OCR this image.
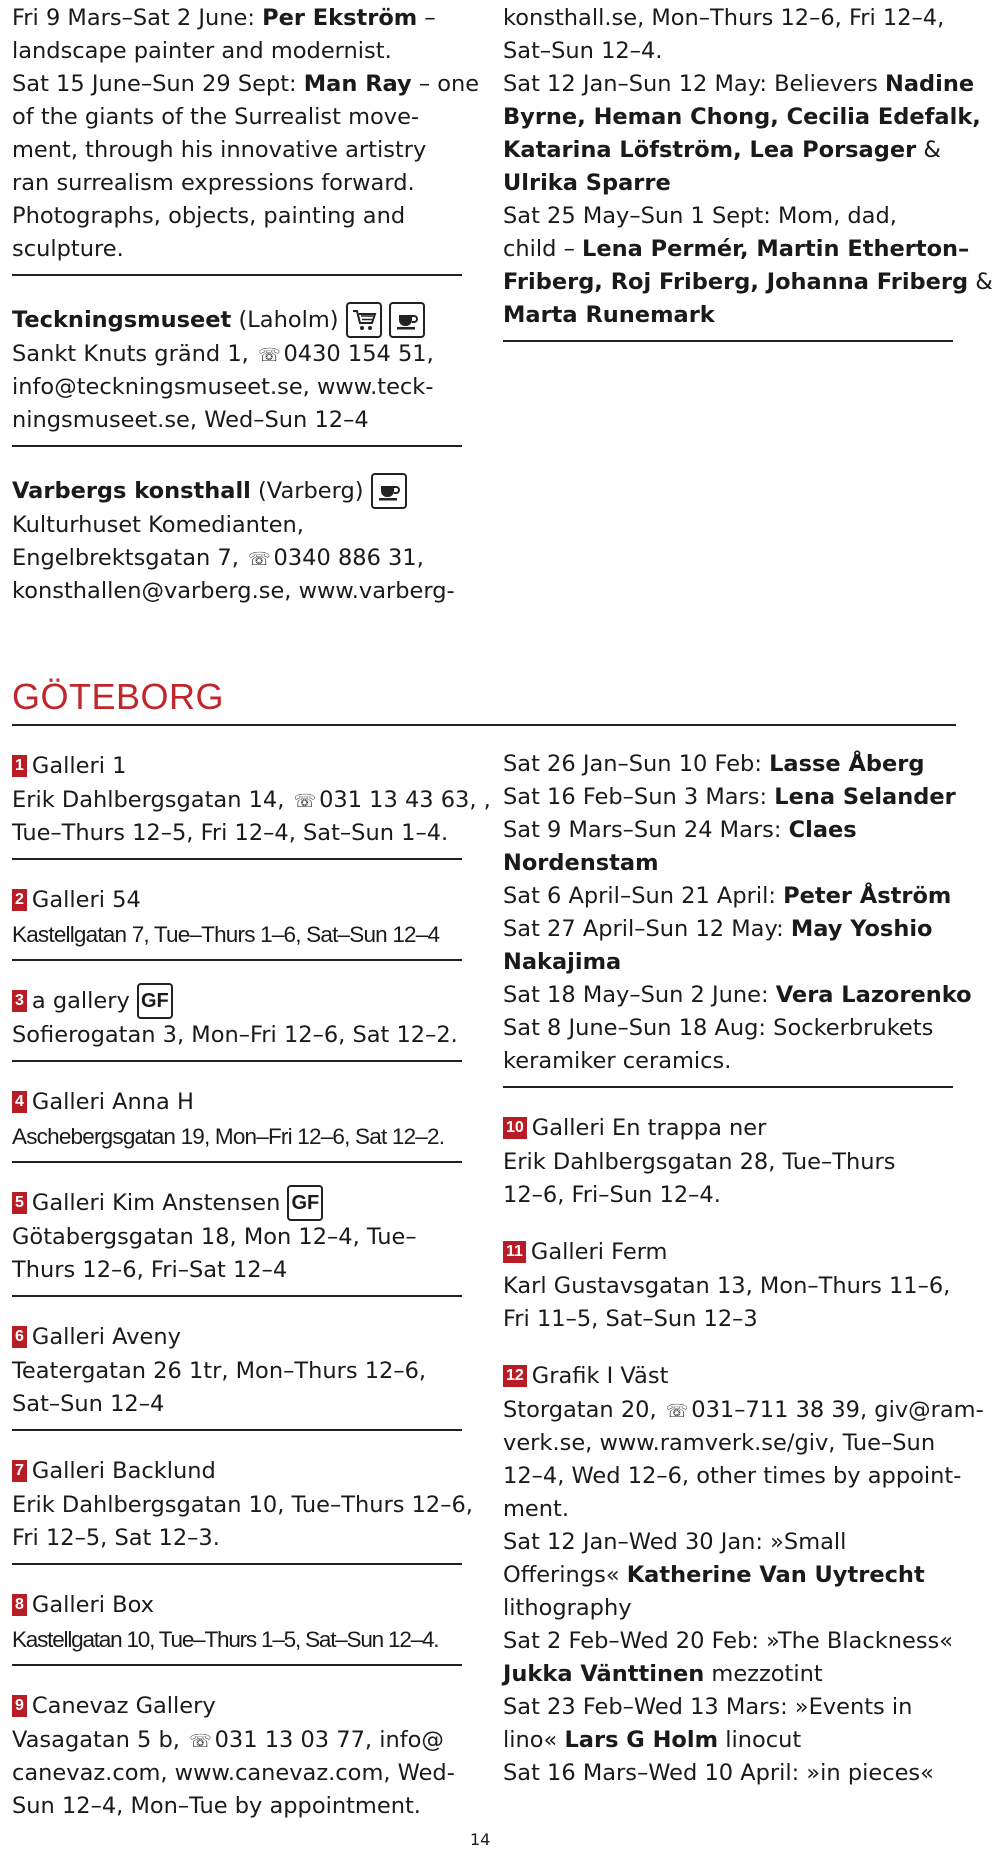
Fri 9 Mars–Sat 2 June: Per Ekström –
landscape painter and modernist.
Sat 15 June–Sun 29 Sept: Man Ray – one
of the giants of the Surrealist move-
ment, through his innovative artistry
ran surrealism expressions forward.
Photographs, objects, painting and
sculpture.
Teckningsmuseet (Laholm)
Sankt Knuts gränd 1, ☏ 0430 154 51,
info@teckningsmuseet.se, www.teck-
ningsmuseet.se, Wed–Sun 12–4
Varbergs konsthall (Varberg)
Kulturhuset Komedianten,
Engelbrektsgatan 7, ☏ 0340 886 31,
konsthallen@varberg.se, www.varberg-
konsthall.se, Mon–Thurs 12–6, Fri 12–4,
Sat–Sun 12–4.
Sat 12 Jan–Sun 12 May: Believers Nadine
Byrne, Heman Chong, Cecilia Edefalk,
Katarina Löfström, Lea Porsager &
Ulrika Sparre
Sat 25 May–Sun 1 Sept: Mom, dad,
child – Lena Permér, Martin Etherton–
Friberg, Roj Friberg, Johanna Friberg &
Marta Runemark
GÖTEBORG
1 Galleri 1
Erik Dahlbergsgatan 14, ☏ 031 13 43 63, ,
Tue–Thurs 12–5, Fri 12–4, Sat–Sun 1–4.
2 Galleri 54
Kastellgatan 7, Tue–Thurs 1–6, Sat–Sun 12–4
3 a gallery GF
Sofierogatan 3, Mon–Fri 12–6, Sat 12–2.
4 Galleri Anna H
Aschebergsgatan 19, Mon–Fri 12–6, Sat 12–2.
5 Galleri Kim Anstensen GF
Götabergsgatan 18, Mon 12–4, Tue–
Thurs 12–6, Fri–Sat 12–4
6 Galleri Aveny
Teatergatan 26 1tr, Mon–Thurs 12–6,
Sat–Sun 12–4
7 Galleri Backlund
Erik Dahlbergsgatan 10, Tue–Thurs 12–6,
Fri 12–5, Sat 12–3.
8 Galleri Box
Kastellgatan 10, Tue–Thurs 1–5, Sat–Sun 12–4.
9 Canevaz Gallery
Vasagatan 5 b, ☏ 031 13 03 77, info@
canevaz.com, www.canevaz.com, Wed-
Sun 12–4, Mon–Tue by appointment.
Sat 26 Jan–Sun 10 Feb: Lasse Åberg
Sat 16 Feb–Sun 3 Mars: Lena Selander
Sat 9 Mars–Sun 24 Mars: Claes
Nordenstam
Sat 6 April–Sun 21 April: Peter Åström
Sat 27 April–Sun 12 May: May Yoshio
Nakajima
Sat 18 May–Sun 2 June: Vera Lazorenko
Sat 8 June–Sun 18 Aug: Sockerbrukets
keramiker ceramics.
10 Galleri En trappa ner
Erik Dahlbergsgatan 28, Tue–Thurs
12–6, Fri–Sun 12–4.
11 Galleri Ferm
Karl Gustavsgatan 13, Mon–Thurs 11–6,
Fri 11–5, Sat–Sun 12–3
12 Grafik I Väst
Storgatan 20, ☏ 031–711 38 39, giv@ram-
verk.se, www.ramverk.se/giv, Tue–Sun
12–4, Wed 12–6, other times by appoint-
ment.
Sat 12 Jan–Wed 30 Jan: »Small
Offerings« Katherine Van Uytrecht
lithography
Sat 2 Feb–Wed 20 Feb: »The Blackness«
Jukka Vänttinen mezzotint
Sat 23 Feb–Wed 13 Mars: »Events in
lino« Lars G Holm linocut
Sat 16 Mars–Wed 10 April: »in pieces«
14
